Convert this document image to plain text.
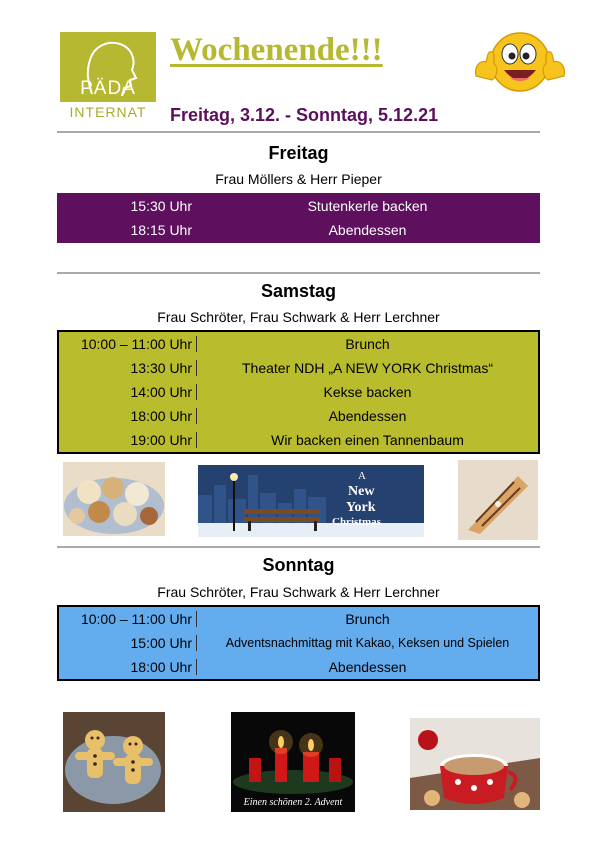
PÄDA
INTERNAT
Wochenende!!!
Freitag, 3.12. - Sonntag, 5.12.21
Freitag
Frau Möllers & Herr Pieper
15:30 Uhr	Stutenkerle backen
18:15 Uhr	Abendessen
Samstag
Frau Schröter, Frau Schwark & Herr Lerchner
10:00 – 11:00 Uhr	Brunch
13:30 Uhr	Theater NDH „A NEW YORK Christmas“
14:00 Uhr	Kekse backen
18:00 Uhr	Abendessen
19:00 Uhr	Wir backen einen Tannenbaum
A
New
York
Christmas
Sonntag
Frau Schröter, Frau Schwark & Herr Lerchner
10:00 – 11:00 Uhr	Brunch
15:00 Uhr	Adventsnachmittag mit Kakao, Keksen und Spielen
18:00 Uhr	Abendessen
Einen schönen 2. Advent
